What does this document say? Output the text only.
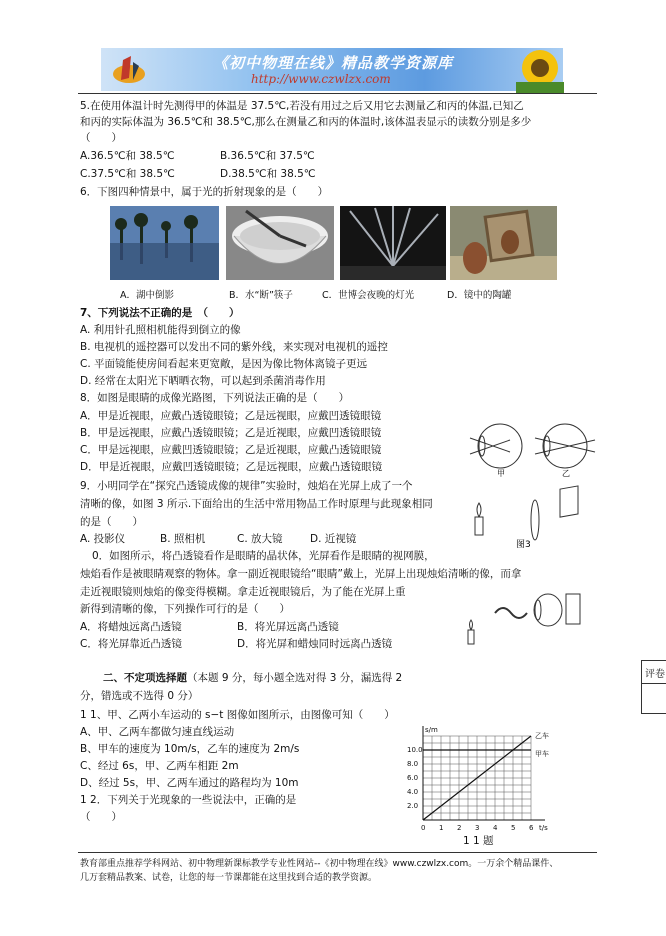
《初中物理在线》精品教学资源库
http://www.czwlzx.com
5.在使用体温计时先测得甲的体温是 37.5℃,若没有用过之后又用它去测量乙和丙的体温,已知乙
和丙的实际体温为 36.5℃和 38.5℃,那么在测量乙和丙的体温时,该体温表显示的读数分别是多少
（　　）
A.36.5℃和 38.5℃	B.36.5℃和 37.5℃
C.37.5℃和 38.5℃	D.38.5℃和 38.5℃
6．下图四种情景中，属于光的折射现象的是（　　）
A．湖中倒影	B．水“断”筷子	C．世博会夜晚的灯光	D．镜中的陶罐
7、下列说法不正确的是　（　　）
A. 利用针孔照相机能得到倒立的像
B. 电视机的遥控器可以发出不同的紫外线，来实现对电视机的遥控
C. 平面镜能使房间看起来更宽敞，是因为像比物体离镜子更远
D. 经常在太阳光下晒晒衣物，可以起到杀菌消毒作用
8．如图是眼睛的成像光路图，下列说法正确的是（　　）
A．甲是近视眼，应戴凸透镜眼镜；乙是远视眼，应戴凹透镜眼镜
B．甲是远视眼，应戴凸透镜眼镜；乙是近视眼，应戴凹透镜眼镜
C．甲是远视眼，应戴凹透镜眼镜；乙是近视眼，应戴凸透镜眼镜
D．甲是近视眼，应戴凹透镜眼镜；乙是远视眼，应戴凸透镜眼镜
甲	乙
9．小明同学在“探究凸透镜成像的规律”实验时，烛焰在光屏上成了一个
清晰的像，如图 3 所示.下面给出的生活中常用物品工作时原理与此现象相同
的是（　　）
A. 投影仪	B. 照相机	C. 放大镜	D. 近视镜	图3
0．如图所示，将凸透镜看作是眼睛的晶状体，光屏看作是眼睛的视网膜，
烛焰看作是被眼睛观察的物体。拿一副近视眼镜给“眼睛”戴上，光屏上出现烛焰清晰的像，而拿
走近视眼镜则烛焰的像变得模糊。拿走近视眼镜后，为了能在光屏上重
新得到清晰的像，下列操作可行的是（　　）
A．将蜡烛远离凸透镜	B．将光屏远离凸透镜
C．将光屏靠近凸透镜	D．将光屏和蜡烛同时远离凸透镜
二、不定项选择题（本题 9 分，每小题全选对得 3 分，漏选得 2
分，错选或不选得 0 分）
评卷
1 1、甲、乙两小车运动的 s−t 图像如图所示，由图像可知（　　）
A、甲、乙两车都做匀速直线运动
B、甲车的速度为 10m/s，乙车的速度为 2m/s
C、经过 6s，甲、乙两车相距 2m
D、经过 5s，甲、乙两车通过的路程均为 10m
1 2．下列关于光现象的一些说法中，正确的是
（　　）
0 1 2 3 4 5 6
2.0
4.0
6.0
8.0
10.0
s/m
t/s
乙车
甲车
1 1 题
教育部重点推荐学科网站、初中物理新课标教学专业性网站--《初中物理在线》www.czwlzx.com。一万余个精品课件、
几万套精品教案、试卷，让您的每一节课都能在这里找到合适的教学资源。
